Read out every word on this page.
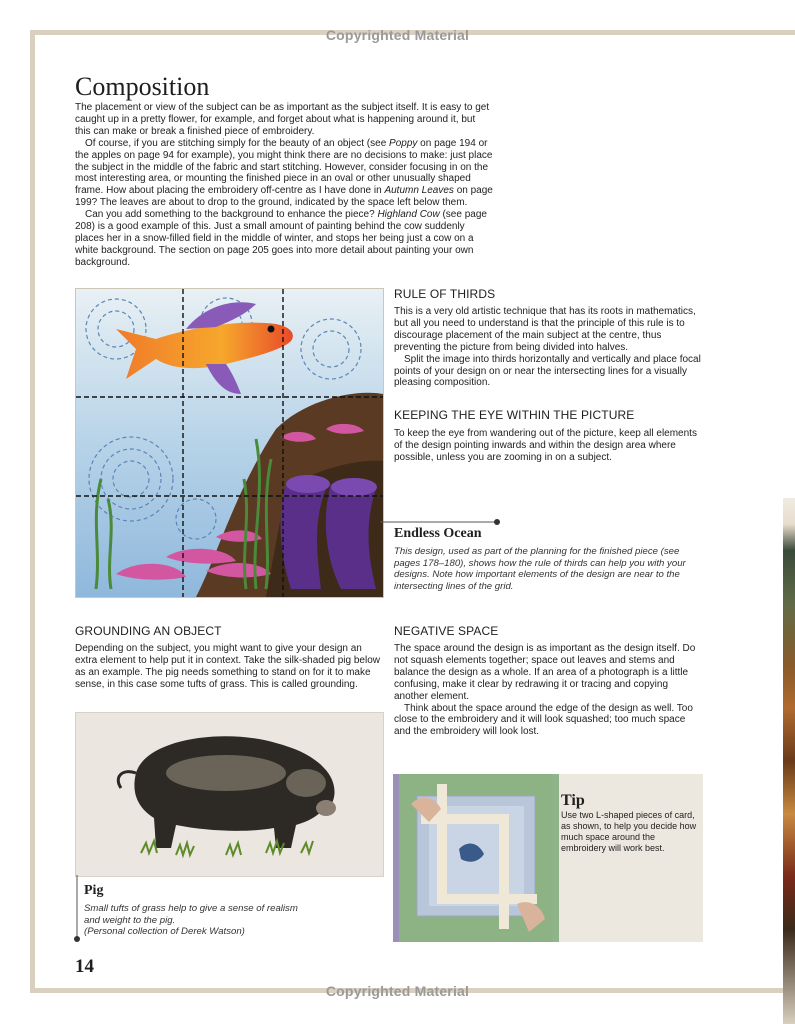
Copyrighted Material
Composition

The placement or view of the subject can be as important as the subject itself. It is easy to get caught up in a pretty flower, for example, and forget about what is happening around it, but this can make or break a finished piece of embroidery.

Of course, if you are stitching simply for the beauty of an object (see Poppy on page 194 or the apples on page 94 for example), you might think there are no decisions to make: just place the subject in the middle of the fabric and start stitching. However, consider focusing in on the most interesting area, or mounting the finished piece in an oval or other unusually shaped frame. How about placing the embroidery off-centre as I have done in Autumn Leaves on page 199? The leaves are about to drop to the ground, indicated by the space left below them.

Can you add something to the background to enhance the piece? Highland Cow (see page 208) is a good example of this. Just a small amount of painting behind the cow suddenly places her in a snow-filled field in the middle of winter, and stops her being just a cow on a white background. The section on page 205 goes into more detail about painting your own background.

RULE OF THIRDS

This is a very old artistic technique that has its roots in mathematics, but all you need to understand is that the principle of this rule is to discourage placement of the main subject at the centre, thus preventing the picture from being divided into halves.

Split the image into thirds horizontally and vertically and place focal points of your design on or near the intersecting lines for a visually pleasing composition.

KEEPING THE EYE WITHIN THE PICTURE
To keep the eye from wandering out of the picture, keep all elements of the design pointing inwards and within the design area where possible, unless you are zooming in on a subject.
Endless Ocean
This design, used as part of the planning for the finished piece (see pages 178–180), shows how the rule of thirds can help you with your designs. Note how important elements of the design are near to the intersecting lines of the grid.
GROUNDING AN OBJECT
Depending on the subject, you might want to give your design an extra element to help put it in context. Take the silk-shaded pig below as an example. The pig needs something to stand on for it to make sense, in this case some tufts of grass. This is called grounding.
NEGATIVE SPACE

The space around the design is as important as the design itself. Do not squash elements together; space out leaves and stems and balance the design as a whole. If an area of a photograph is a little confusing, make it clear by redrawing it or tracing and copying another element.

Think about the space around the edge of the design as well. Too close to the embroidery and it will look squashed; too much space and the embroidery will look lost.

Pig

Small tufts of grass help to give a sense of realism and weight to the pig.

(Personal collection of Derek Watson)

Tip
Use two L-shaped pieces of card, as shown, to help you decide how much space around the embroidery will work best.
14
Copyrighted Material
